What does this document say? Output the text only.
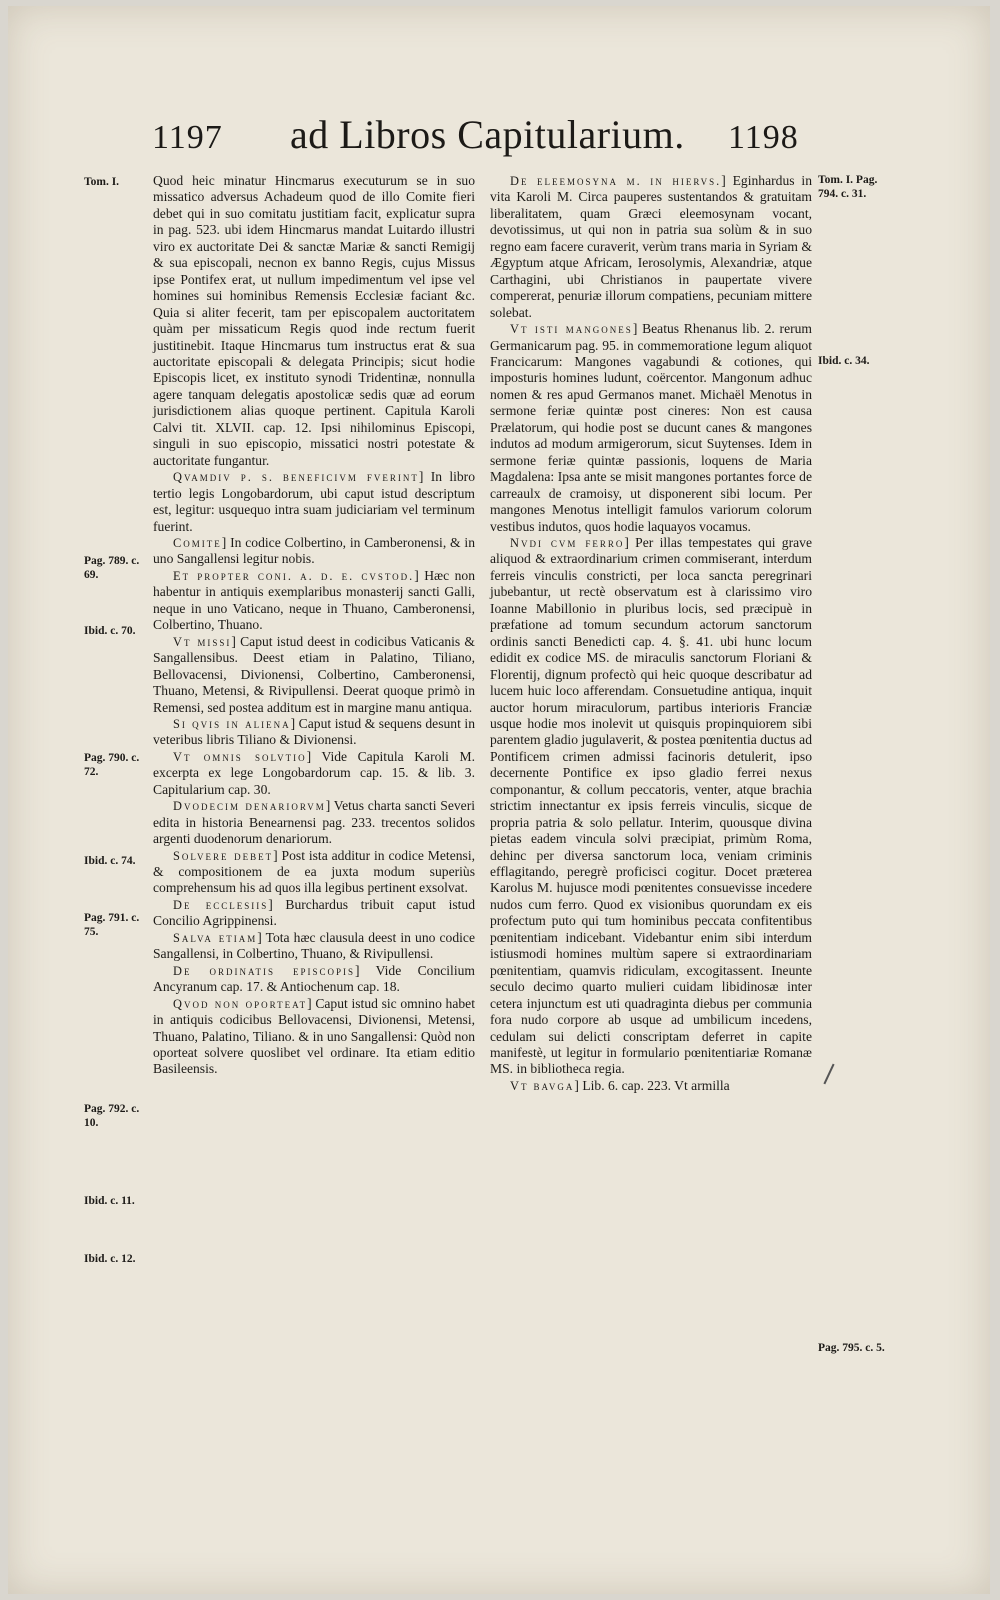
1197 ad Libros Capitularium. 1198
Tom. I.
Pag. 789. c. 69.
Ibid. c. 70.
Pag. 790. c. 72.
Ibid. c. 74.
Pag. 791. c. 75.
Pag. 792. c. 10.
Ibid. c. 11.
Ibid. c. 12.
Tom. I. Pag. 794. c. 31.
Ibid. c. 34.
Pag. 795. c. 5.

Quod heic minatur Hincmarus executurum se in suo missatico adversus Achadeum quod de illo Comite fieri debet qui in suo comitatu justitiam facit, explicatur supra in pag. 523. ubi idem Hincmarus mandat Luitardo illustri viro ex auctoritate Dei & sanctæ Mariæ & sancti Remigij & sua episcopali, necnon ex banno Regis, cujus Missus ipse Pontifex erat, ut nullum impedimentum vel ipse vel homines sui hominibus Remensis Ecclesiæ faciant &c. Quia si aliter fecerit, tam per episcopalem auctoritatem quàm per missaticum Regis quod inde rectum fuerit justitinebit. Itaque Hincmarus tum instructus erat & sua auctoritate episcopali & delegata Principis; sicut hodie Episcopis licet, ex instituto synodi Tridentinæ, nonnulla agere tanquam delegatis apostolicæ sedis quæ ad eorum jurisdictionem alias quoque pertinent. Capitula Karoli Calvi tit. XLVII. cap. 12. Ipsi nihilominus Episcopi, singuli in suo episcopio, missatici nostri potestate & auctoritate fungantur.

Qvamdiv p. s. beneficivm fverint] In libro tertio legis Longobardorum, ubi caput istud descriptum est, legitur: usquequo intra suam judiciariam vel terminum fuerint.

Comite] In codice Colbertino, in Camberonensi, & in uno Sangallensi legitur nobis.

Et propter coni. a. d. e. cvstod.] Hæc non habentur in antiquis exemplaribus monasterij sancti Galli, neque in uno Vaticano, neque in Thuano, Camberonensi, Colbertino, Thuano.

Vt missi] Caput istud deest in codicibus Vaticanis & Sangallensibus. Deest etiam in Palatino, Tiliano, Bellovacensi, Divionensi, Colbertino, Camberonensi, Thuano, Metensi, & Rivipullensi. Deerat quoque primò in Remensi, sed postea additum est in margine manu antiqua.

Si qvis in aliena] Caput istud & sequens desunt in veteribus libris Tiliano & Divionensi.

Vt omnis solvtio] Vide Capitula Karoli M. excerpta ex lege Longobardorum cap. 15. & lib. 3. Capitularium cap. 30.

Dvodecim denariorvm] Vetus charta sancti Severi edita in historia Benearnensi pag. 233. trecentos solidos argenti duodenorum denariorum.

Solvere debet] Post ista additur in codice Metensi, & compositionem de ea juxta modum superiùs comprehensum his ad quos illa legibus pertinent exsolvat.

De ecclesiis] Burchardus tribuit caput istud Concilio Agrippinensi.

Salva etiam] Tota hæc clausula deest in uno codice Sangallensi, in Colbertino, Thuano, & Rivipullensi.

De ordinatis episcopis] Vide Concilium Ancyranum cap. 17. & Antiochenum cap. 18.

Qvod non oporteat] Caput istud sic omnino habet in antiquis codicibus Bellovacensi, Divionensi, Metensi, Thuano, Palatino, Tiliano. & in uno Sangallensi: Quòd non oporteat solvere quoslibet vel ordinare. Ita etiam editio Basileensis.

De eleemosyna m. in hiervs.] Eginhardus in vita Karoli M. Circa pauperes sustentandos & gratuitam liberalitatem, quam Græci eleemosynam vocant, devotissimus, ut qui non in patria sua solùm & in suo regno eam facere curaverit, verùm trans maria in Syriam & Ægyptum atque Africam, Ierosolymis, Alexandriæ, atque Carthagini, ubi Christianos in paupertate vivere compererat, penuriæ illorum compatiens, pecuniam mittere solebat.

Vt isti mangones] Beatus Rhenanus lib. 2. rerum Germanicarum pag. 95. in commemoratione legum aliquot Francicarum: Mangones vagabundi & cotiones, qui imposturis homines ludunt, coërcentor. Mangonum adhuc nomen & res apud Germanos manet. Michaël Menotus in sermone feriæ quintæ post cineres: Non est causa Prælatorum, qui hodie post se ducunt canes & mangones indutos ad modum armigerorum, sicut Suytenses. Idem in sermone feriæ quintæ passionis, loquens de Maria Magdalena: Ipsa ante se misit mangones portantes force de carreaulx de cramoisy, ut disponerent sibi locum. Per mangones Menotus intelligit famulos variorum colorum vestibus indutos, quos hodie laquayos vocamus.

Nvdi cvm ferro] Per illas tempestates qui grave aliquod & extraordinarium crimen commiserant, interdum ferreis vinculis constricti, per loca sancta peregrinari jubebantur, ut rectè observatum est à clarissimo viro Ioanne Mabillonio in pluribus locis, sed præcipuè in præfatione ad tomum secundum actorum sanctorum ordinis sancti Benedicti cap. 4. §. 41. ubi hunc locum edidit ex codice MS. de miraculis sanctorum Floriani & Florentij, dignum profectò qui heic quoque describatur ad lucem huic loco afferendam. Consuetudine antiqua, inquit auctor horum miraculorum, partibus interioris Franciæ usque hodie mos inolevit ut quisquis propinquiorem sibi parentem gladio jugulaverit, & postea pœnitentia ductus ad Pontificem crimen admissi facinoris detulerit, ipso decernente Pontifice ex ipso gladio ferrei nexus componantur, & collum peccatoris, venter, atque brachia strictim innectantur ex ipsis ferreis vinculis, sicque de propria patria & solo pellatur. Interim, quousque divina pietas eadem vincula solvi præcipiat, primùm Roma, dehinc per diversa sanctorum loca, veniam criminis efflagitando, peregrè proficisci cogitur. Docet præterea Karolus M. hujusce modi pœnitentes consuevisse incedere nudos cum ferro. Quod ex visionibus quorundam ex eis profectum puto qui tum hominibus peccata confitentibus pœnitentiam indicebant. Videbantur enim sibi interdum istiusmodi homines multùm sapere si extraordinariam pœnitentiam, quamvis ridiculam, excogitassent. Ineunte seculo decimo quarto mulieri cuidam libidinosæ inter cetera injunctum est uti quadraginta diebus per communia fora nudo corpore ab usque ad umbilicum incedens, cedulam sui delicti conscriptam deferret in capite manifestè, ut legitur in formulario pœnitentiariæ Romanæ MS. in bibliotheca regia.

Vt bavga] Lib. 6. cap. 223. Vt armilla
